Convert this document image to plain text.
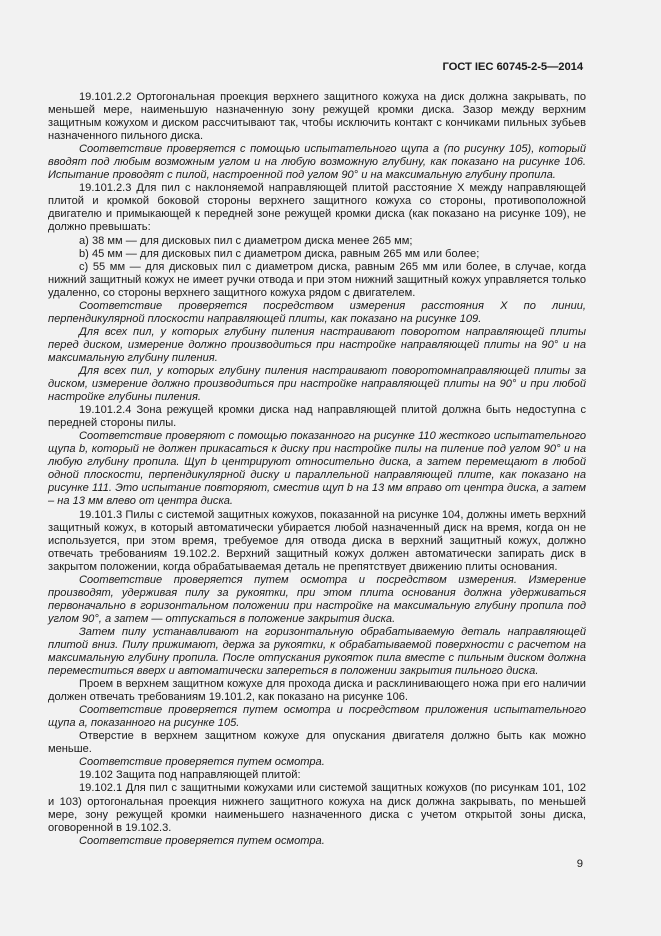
ГОСТ IEC 60745-2-5—2014

19.101.2.2 Ортогональная проекция верхнего защитного кожуха на диск должна закрывать, по меньшей мере, наименьшую назначенную зону режущей кромки диска. Зазор между верхним защитным кожухом и диском рассчитывают так, чтобы исключить контакт с кончиками пильных зубьев назначенного пильного диска.

Соответствие проверяется с помощью испытательного щупа а (по рисунку 105), который вводят под любым возможным углом и на любую возможную глубину, как показано на рисунке 106. Испытание проводят с пилой, настроенной под углом 90° и на максимальную глубину пропила.

19.101.2.3 Для пил с наклоняемой направляющей плитой расстояние X между направляющей плитой и кромкой боковой стороны верхнего защитного кожуха со стороны, противоположной двигателю и примыкающей к передней зоне режущей кромки диска (как показано на рисунке 109), не должно превышать:

a) 38 мм — для дисковых пил с диаметром диска менее 265 мм;

b) 45 мм — для дисковых пил с диаметром диска, равным 265 мм или более;

c) 55 мм — для дисковых пил с диаметром диска, равным 265 мм или более, в случае, когда нижний защитный кожух не имеет ручки отвода и при этом нижний защитный кожух управляется только удаленно, со стороны верхнего защитного кожуха рядом с двигателем.

Соответствие проверяется посредством измерения расстояния X по линии, перпендикулярной плоскости направляющей плиты, как показано на рисунке 109.

Для всех пил, у которых глубину пиления настраивают поворотом направляющей плиты перед диском, измерение должно производиться при настройке направляющей плиты на 90° и на максимальную глубину пиления.

Для всех пил, у которых глубину пиления настраивают поворотомнаправляющей плиты за диском, измерение должно производиться при настройке направляющей плиты на 90° и при любой настройке глубины пиления.

19.101.2.4 Зона режущей кромки диска над направляющей плитой должна быть недоступна с передней стороны пилы.

Соответствие проверяют с помощью показанного на рисунке 110 жесткого испытательного щупа b, который не должен прикасаться к диску при настройке пилы на пиление под углом 90° и на любую глубину пропила. Щуп b центрируют относительно диска, а затем перемещают в любой одной плоскости, перпендикулярной диску и параллельной направляющей плите, как показано на рисунке 111. Это испытание повторяют, сместив щуп b на 13 мм вправо от центра диска, а затем – на 13 мм влево от центра диска.

19.101.3 Пилы с системой защитных кожухов, показанной на рисунке 104, должны иметь верхний защитный кожух, в который автоматически убирается любой назначенный диск на время, когда он не используется, при этом время, требуемое для отвода диска в верхний защитный кожух, должно отвечать требованиям 19.102.2. Верхний защитный кожух должен автоматически запирать диск в закрытом положении, когда обрабатываемая деталь не препятствует движению плиты основания.

Соответствие проверяется путем осмотра и посредством измерения. Измерение производят, удерживая пилу за рукоятки, при этом плита основания должна удерживаться первоначально в горизонтальном положении при настройке на максимальную глубину пропила под углом 90°, а затем — отпускаться в положение закрытия диска.

Затем пилу устанавливают на горизонтальную обрабатываемую деталь направляющей плитой вниз. Пилу прижимают, держа за рукоятки, к обрабатываемой поверхности с расчетом на максимальную глубину пропила. После отпускания рукояток пила вместе с пильным диском должна переместиться вверх и автоматически запереться в положении закрытия пильного диска.

Проем в верхнем защитном кожухе для прохода диска и расклинивающего ножа при его наличии должен отвечать требованиям 19.101.2, как показано на рисунке 106.

Соответствие проверяется путем осмотра и посредством приложения испытательного щупа а, показанного на рисунке 105.

Отверстие в верхнем защитном кожухе для опускания двигателя должно быть как можно меньше.

Соответствие проверяется путем осмотра.

19.102 Защита под направляющей плитой:

19.102.1 Для пил с защитными кожухами или системой защитных кожухов (по рисункам 101, 102 и 103) ортогональная проекция нижнего защитного кожуха на диск должна закрывать, по меньшей мере, зону режущей кромки наименьшего назначенного диска с учетом открытой зоны диска, оговоренной в 19.102.3.

Соответствие проверяется путем осмотра.

9
